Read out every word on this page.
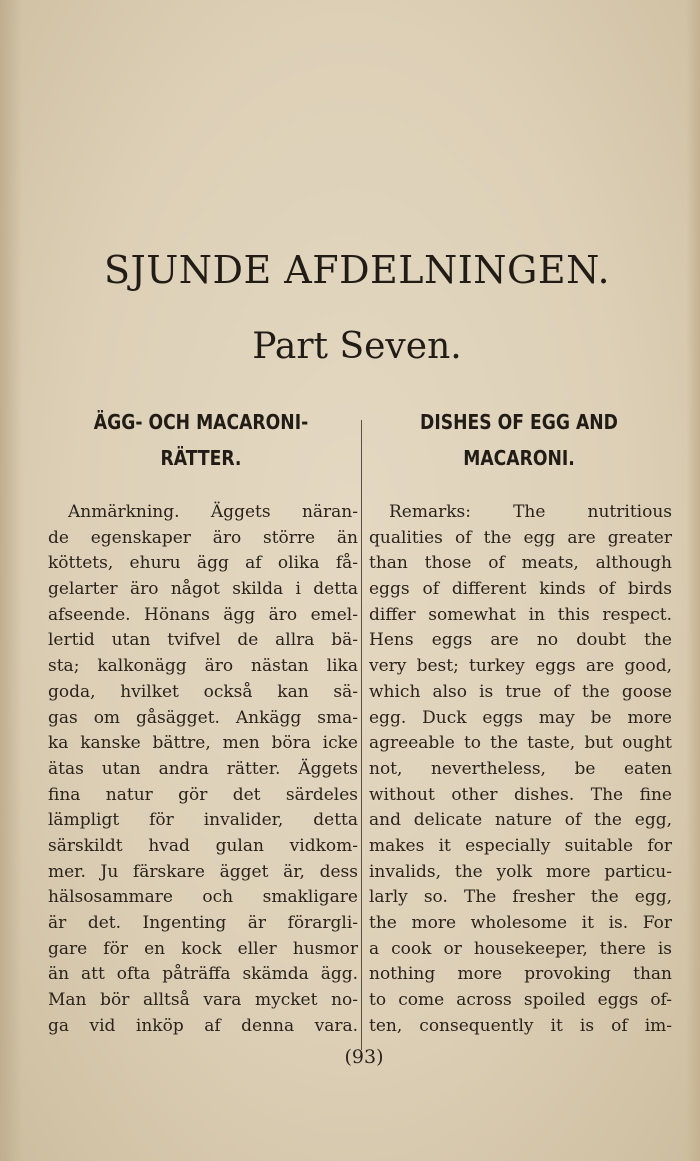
SJUNDE AFDELNINGEN.
Part Seven.
ÄGG- OCH MACARONI-
RÄTTER.
DISHES OF EGG AND
MACARONI.
Anmärkning. Äggets näran-
de egenskaper äro större än
köttets, ehuru ägg af olika få-
gelarter äro något skilda i detta
afseende. Hönans ägg äro emel-
lertid utan tvifvel de allra bä-
sta; kalkonägg äro nästan lika
goda, hvilket också kan sä-
gas om gåsägget. Ankägg sma-
ka kanske bättre, men böra icke
ätas utan andra rätter. Äggets
fina natur gör det särdeles
lämpligt för invalider, detta
särskildt hvad gulan vidkom-
mer. Ju färskare ägget är, dess
hälsosammare och smakligare
är det. Ingenting är förargli-
gare för en kock eller husmor
än att ofta påträffa skämda ägg.
Man bör alltså vara mycket no-
ga vid inköp af denna vara.
Remarks: The nutritious
qualities of the egg are greater
than those of meats, although
eggs of different kinds of birds
differ somewhat in this respect.
Hens eggs are no doubt the
very best; turkey eggs are good,
which also is true of the goose
egg. Duck eggs may be more
agreeable to the taste, but ought
not, nevertheless, be eaten
without other dishes. The fine
and delicate nature of the egg,
makes it especially suitable for
invalids, the yolk more particu-
larly so. The fresher the egg,
the more wholesome it is. For
a cook or housekeeper, there is
nothing more provoking than
to come across spoiled eggs of-
ten, consequently it is of im-
(93)
